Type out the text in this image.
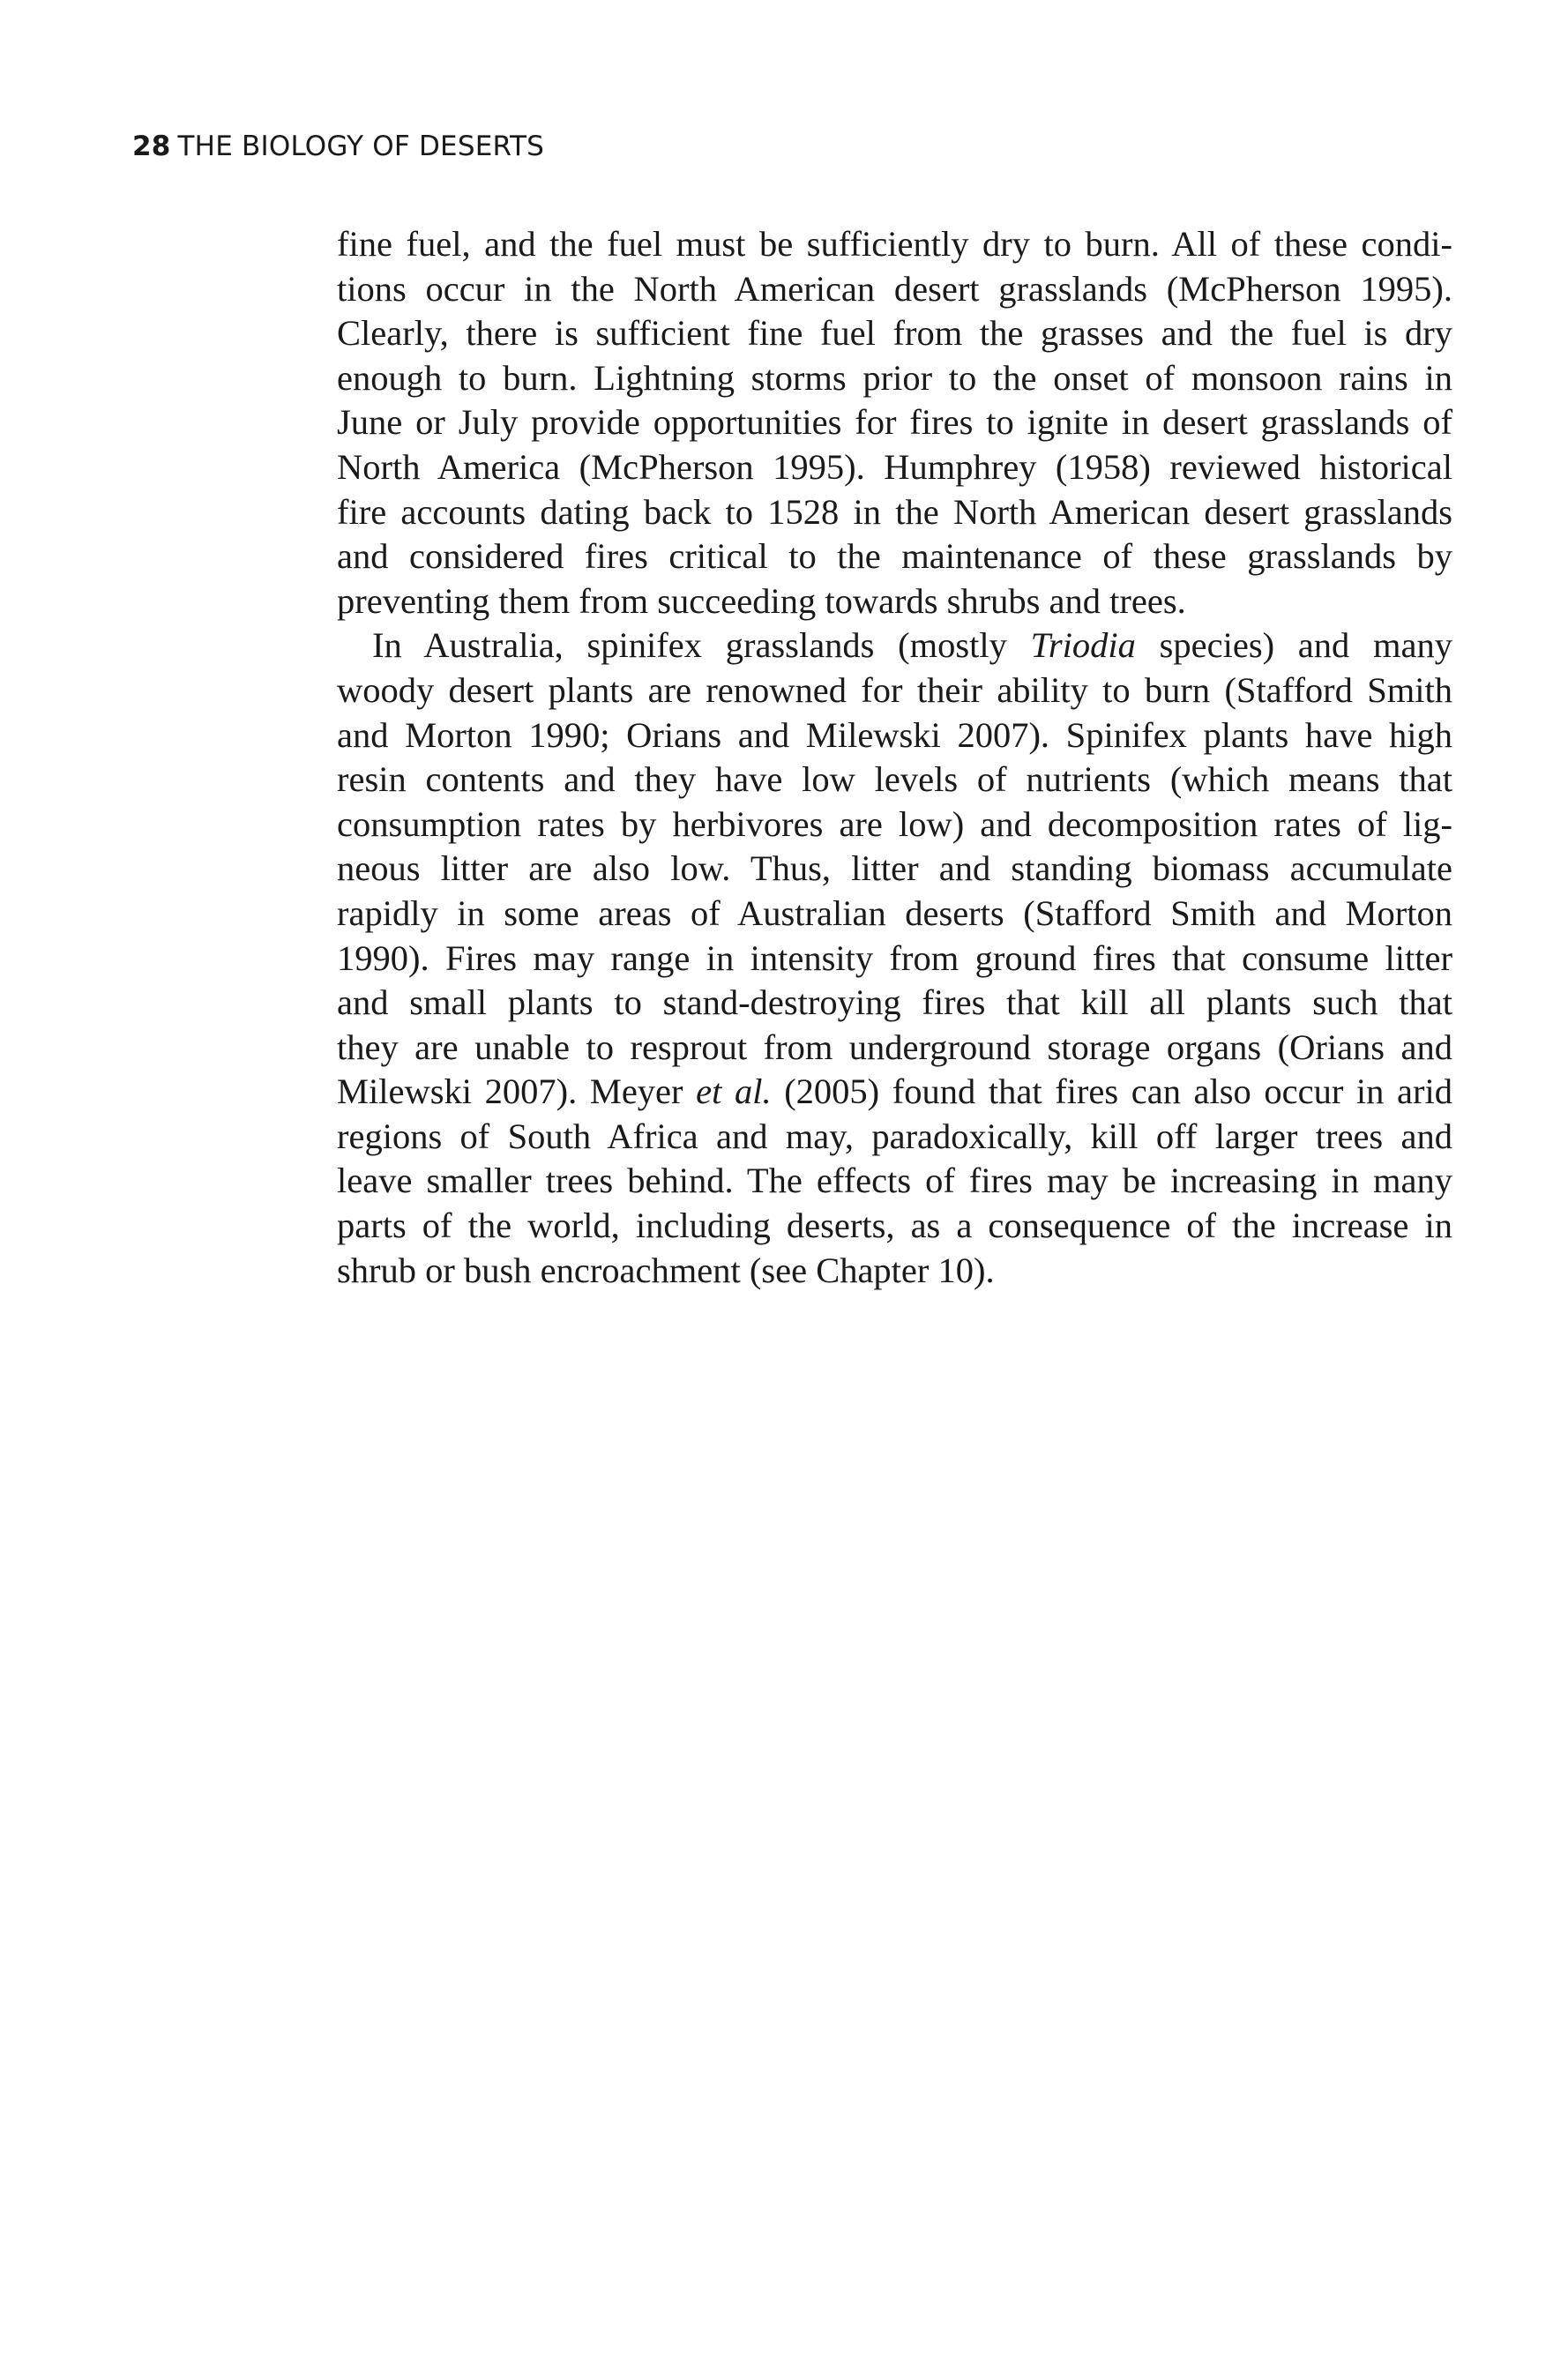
28 THE BIOLOGY OF DESERTS
fine fuel, and the fuel must be sufficiently dry to burn. All of these condi-
tions occur in the North American desert grasslands (McPherson 1995).
Clearly, there is sufficient fine fuel from the grasses and the fuel is dry
enough to burn. Lightning storms prior to the onset of monsoon rains in
June or July provide opportunities for fires to ignite in desert grasslands of
North America (McPherson 1995). Humphrey (1958) reviewed historical
fire accounts dating back to 1528 in the North American desert grasslands
and considered fires critical to the maintenance of these grasslands by
preventing them from succeeding towards shrubs and trees.
In Australia, spinifex grasslands (mostly Triodia species) and many
woody desert plants are renowned for their ability to burn (Stafford Smith
and Morton 1990; Orians and Milewski 2007). Spinifex plants have high
resin contents and they have low levels of nutrients (which means that
consumption rates by herbivores are low) and decomposition rates of lig-
neous litter are also low. Thus, litter and standing biomass accumulate
rapidly in some areas of Australian deserts (Stafford Smith and Morton
1990). Fires may range in intensity from ground fires that consume litter
and small plants to stand-destroying fires that kill all plants such that
they are unable to resprout from underground storage organs (Orians and
Milewski 2007). Meyer et al. (2005) found that fires can also occur in arid
regions of South Africa and may, paradoxically, kill off larger trees and
leave smaller trees behind. The effects of fires may be increasing in many
parts of the world, including deserts, as a consequence of the increase in
shrub or bush encroachment (see Chapter 10).
